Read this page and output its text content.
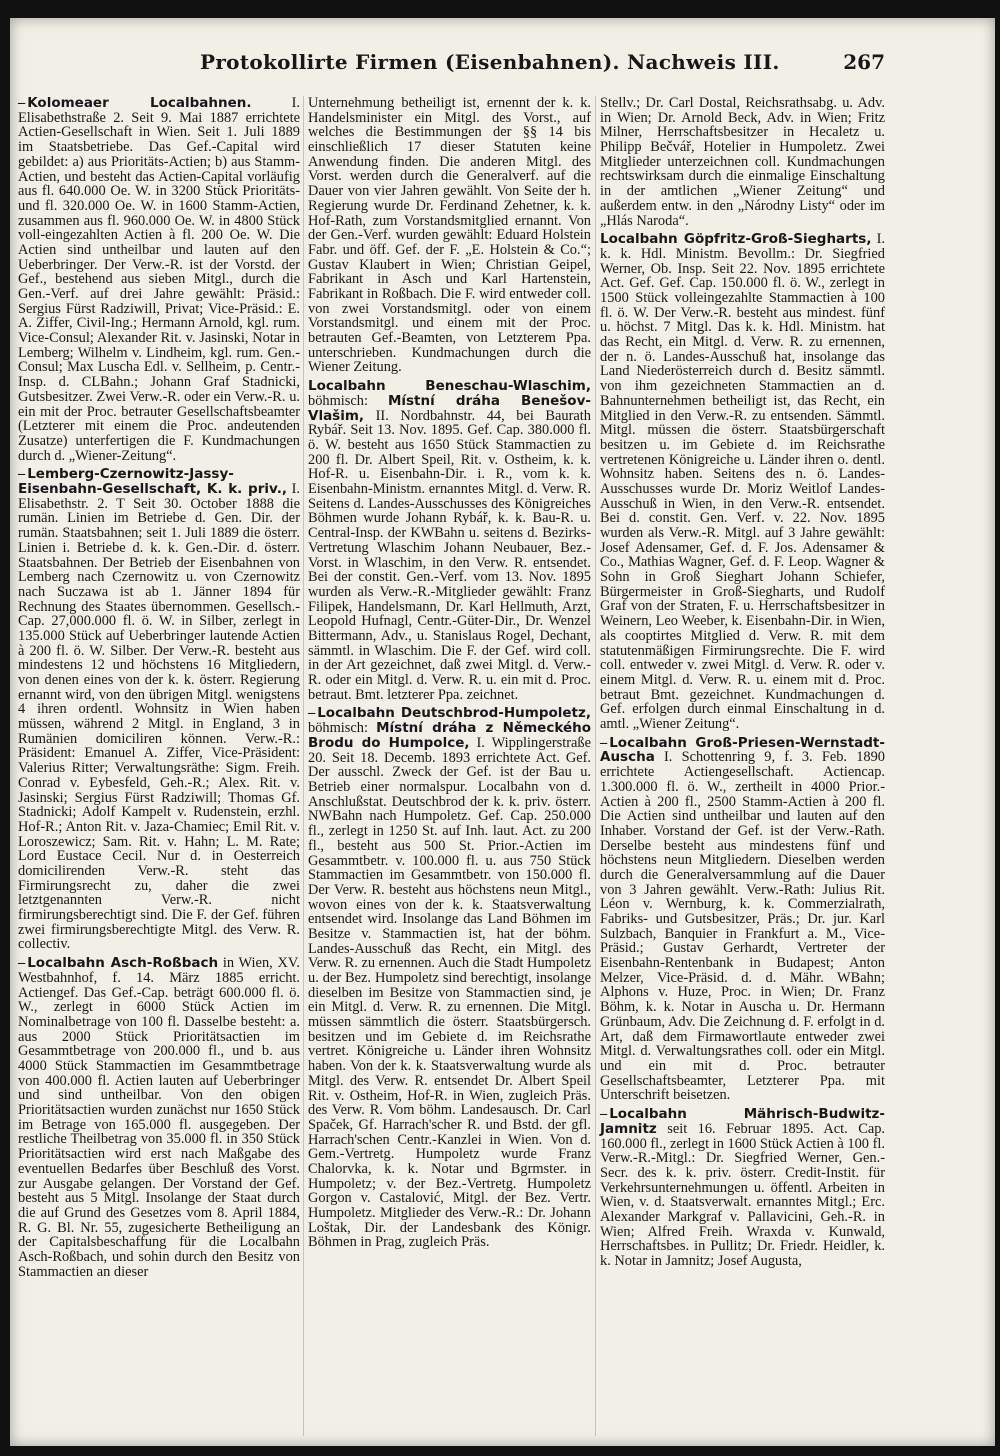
Protokollirte Firmen (Eisenbahnen). Nachweis III.	267

– Kolomeaer Localbahnen.	I. Elisabethstraße 2. Seit 9. Mai 1887 errichtete Actien-Gesellschaft in Wien. Seit 1. Juli 1889 im Staatsbetriebe. Das Gef.-Capital wird gebildet: a) aus Prioritäts-Actien; b) aus Stamm-Actien, und besteht das Actien-Capital vorläufig aus fl. 640.000 Oe. W. in 3200 Stück Prioritäts- und fl. 320.000 Oe. W. in 1600 Stamm-Actien, zusammen aus fl. 960.000 Oe. W. in 4800 Stück voll-eingezahlten Actien à fl. 200 Oe. W. Die Actien sind untheilbar und lauten auf den Ueberbringer. Der Verw.-R. ist der Vorstd. der Gef., bestehend aus sieben Mitgl., durch die Gen.-Verf. auf drei Jahre gewählt: Präsid.: Sergius Fürst Radziwill, Privat; Vice-Präsid.: E. A. Ziffer, Civil-Ing.; Hermann Arnold, kgl. rum. Vice-Consul; Alexander Rit. v. Jasinski, Notar in Lemberg; Wilhelm v. Lindheim, kgl. rum. Gen.-Consul; Max Luscha Edl. v. Sellheim, p. Centr.-Insp. d. CLBahn.; Johann Graf Stadnicki, Gutsbesitzer. Zwei Verw.-R. oder ein Verw.-R. u. ein mit der Proc. betrauter Gesellschaftsbeamter (Letzterer mit einem die Proc. andeutenden Zusatze) unterfertigen die F. Kundmachungen durch d. „Wiener-Zeitung“.

– Lemberg-Czernowitz-Jassy-Eisenbahn-Gesellschaft, K. k. priv., I. Elisabethstr. 2. T Seit 30. October 1888 die rumän. Linien im Betriebe d. Gen. Dir. der rumän. Staatsbahnen; seit 1. Juli 1889 die österr. Linien i. Betriebe d. k. k. Gen.-Dir. d. österr. Staatsbahnen. Der Betrieb der Eisenbahnen von Lemberg nach Czernowitz u. von Czernowitz nach Suczawa ist ab 1. Jänner 1894 für Rechnung des Staates übernommen. Gesellsch.-Cap. 27,000.000 fl. ö. W. in Silber, zerlegt in 135.000 Stück auf Ueberbringer lautende Actien à 200 fl. ö. W. Silber. Der Verw.-R. besteht aus mindestens 12 und höchstens 16 Mitgliedern, von denen eines von der k. k. österr. Regierung ernannt wird, von den übrigen Mitgl. wenigstens 4 ihren ordentl. Wohnsitz in Wien haben müssen, während 2 Mitgl. in England, 3 in Rumänien domiciliren können. Verw.-R.: Präsident: Emanuel A. Ziffer, Vice-Präsident: Valerius Ritter; Verwaltungsräthe: Sigm. Freih. Conrad v. Eybesfeld, Geh.-R.; Alex. Rit. v. Jasinski; Sergius Fürst Radziwill; Thomas Gf. Stadnicki; Adolf Kampelt v. Rudenstein, erzhl. Hof-R.; Anton Rit. v. Jaza-Chamiec; Emil Rit. v. Loroszewicz; Sam. Rit. v. Hahn; L. M. Rate; Lord Eustace Cecil. Nur d. in Oesterreich domicilirenden Verw.-R. steht das Firmirungsrecht zu, daher die zwei letztgenannten Verw.-R. nicht firmirungsberechtigt sind. Die F. der Gef. führen zwei firmirungsberechtigte Mitgl. des Verw. R. collectiv.

– Localbahn Asch-Roßbach in Wien, XV. Westbahnhof, f. 14. März 1885 erricht. Actiengef. Das Gef.-Cap. beträgt 600.000 fl. ö. W., zerlegt in 6000 Stück Actien im Nominalbetrage von 100 fl. Dasselbe besteht: a. aus 2000 Stück Prioritätsactien im Gesammtbetrage von 200.000 fl., und b. aus 4000 Stück Stammactien im Gesammtbetrage von 400.000 fl. Actien lauten auf Ueberbringer und sind untheilbar. Von den obigen Prioritätsactien wurden zunächst nur 1650 Stück im Betrage von 165.000 fl. ausgegeben. Der restliche Theilbetrag von 35.000 fl. in 350 Stück Prioritätsactien wird erst nach Maßgabe des eventuellen Bedarfes über Beschluß des Vorst. zur Ausgabe gelangen. Der Vorstand der Gef. besteht aus 5 Mitgl. Insolange der Staat durch die auf Grund des Gesetzes vom 8. April 1884, R. G. Bl. Nr. 55, zugesicherte Betheiligung an der Capitalsbeschaffung für die Localbahn Asch-Roßbach, und sohin durch den Besitz von Stammactien an dieser

Unternehmung betheiligt ist, ernennt der k. k. Handelsminister ein Mitgl. des Vorst., auf welches die Bestimmungen der §§ 14 bis einschließlich 17 dieser Statuten keine Anwendung finden. Die anderen Mitgl. des Vorst. werden durch die Generalverf. auf die Dauer von vier Jahren gewählt. Von Seite der h. Regierung wurde Dr. Ferdinand Zehetner, k. k. Hof-Rath, zum Vorstandsmitglied ernannt. Von der Gen.-Verf. wurden gewählt: Eduard Holstein Fabr. und öff. Gef. der F. „E. Holstein & Co.“; Gustav Klaubert in Wien; Christian Geipel, Fabrikant in Asch und Karl Hartenstein, Fabrikant in Roßbach. Die F. wird entweder coll. von zwei Vorstandsmitgl. oder von einem Vorstandsmitgl. und einem mit der Proc. betrauten Gef.-Beamten, von Letzterem Ppa. unterschrieben. Kundmachungen durch die Wiener Zeitung.

Localbahn Beneschau-Wlaschim, böhmisch: Místní dráha Benešov-Vlašim, II. Nordbahnstr. 44, bei Baurath Rybář. Seit 13. Nov. 1895. Gef. Cap. 380.000 fl. ö. W. besteht aus 1650 Stück Stammactien zu 200 fl. Dr. Albert Speil, Rit. v. Ostheim, k. k. Hof-R. u. Eisenbahn-Dir. i. R., vom k. k. Eisenbahn-Ministm. ernanntes Mitgl. d. Verw. R. Seitens d. Landes-Ausschusses des Königreiches Böhmen wurde Johann Rybář, k. k. Bau-R. u. Central-Insp. der KWBahn u. seitens d. Bezirks-Vertretung Wlaschim Johann Neubauer, Bez.-Vorst. in Wlaschim, in den Verw. R. entsendet. Bei der constit. Gen.-Verf. vom 13. Nov. 1895 wurden als Verw.-R.-Mitglieder gewählt: Franz Filipek, Handelsmann, Dr. Karl Hellmuth, Arzt, Leopold Hufnagl, Centr.-Güter-Dir., Dr. Wenzel Bittermann, Adv., u. Stanislaus Rogel, Dechant, sämmtl. in Wlaschim. Die F. der Gef. wird coll. in der Art gezeichnet, daß zwei Mitgl. d. Verw.-R. oder ein Mitgl. d. Verw. R. u. ein mit d. Proc. betraut. Bmt. letzterer Ppa. zeichnet.

– Localbahn Deutschbrod-Humpoletz, böhmisch: Místní dráha z Německého Brodu do Humpolce, I. Wipplingerstraße 20. Seit 18. Decemb. 1893 errichtete Act. Gef. Der ausschl. Zweck der Gef. ist der Bau u. Betrieb einer normalspur. Localbahn von d. Anschlußstat. Deutschbrod der k. k. priv. österr. NWBahn nach Humpoletz. Gef. Cap. 250.000 fl., zerlegt in 1250 St. auf Inh. laut. Act. zu 200 fl., besteht aus 500 St. Prior.-Actien im Gesammtbetr. v. 100.000 fl. u. aus 750 Stück Stammactien im Gesammtbetr. von 150.000 fl. Der Verw. R. besteht aus höchstens neun Mitgl., wovon eines von der k. k. Staatsverwaltung entsendet wird. Insolange das Land Böhmen im Besitze v. Stammactien ist, hat der böhm. Landes-Ausschuß das Recht, ein Mitgl. des Verw. R. zu ernennen. Auch die Stadt Humpoletz u. der Bez. Humpoletz sind berechtigt, insolange dieselben im Besitze von Stammactien sind, je ein Mitgl. d. Verw. R. zu ernennen. Die Mitgl. müssen sämmtlich die österr. Staatsbürgersch. besitzen und im Gebiete d. im Reichsrathe vertret. Königreiche u. Länder ihren Wohnsitz haben. Von der k. k. Staatsverwaltung wurde als Mitgl. des Verw. R. entsendet Dr. Albert Speil Rit. v. Ostheim, Hof-R. in Wien, zugleich Präs. des Verw. R. Vom böhm. Landesausch. Dr. Carl Spaček, Gf. Harrach'scher R. und Bstd. der gfl. Harrach'schen Centr.-Kanzlei in Wien. Von d. Gem.-Vertretg. Humpoletz wurde Franz Chalorvka, k. k. Notar und Bgrmster. in Humpoletz; v. der Bez.-Vertretg. Humpoletz Gorgon v. Castalović, Mitgl. der Bez. Vertr. Humpoletz. Mitglieder des Verw.-R.: Dr. Johann Loštak, Dir. der Landesbank des Königr. Böhmen in Prag, zugleich Präs.

Stellv.; Dr. Carl Dostal, Reichsrathsabg. u. Adv. in Wien; Dr. Arnold Beck, Adv. in Wien; Fritz Milner, Herrschaftsbesitzer in Hecaletz u. Philipp Bečvář, Hotelier in Humpoletz. Zwei Mitglieder unterzeichnen coll. Kundmachungen rechtswirksam durch die einmalige Einschaltung in der amtlichen „Wiener Zeitung“ und außerdem entw. in den „Národny Listy“ oder im „Hlás Naroda“.

Localbahn Göpfritz-Groß-Siegharts, I. k. k. Hdl. Ministm. Bevollm.: Dr. Siegfried Werner, Ob. Insp. Seit 22. Nov. 1895 errichtete Act. Gef. Gef. Cap. 150.000 fl. ö. W., zerlegt in 1500 Stück volleingezahlte Stammactien à 100 fl. ö. W. Der Verw.-R. besteht aus mindest. fünf u. höchst. 7 Mitgl. Das k. k. Hdl. Ministm. hat das Recht, ein Mitgl. d. Verw. R. zu ernennen, der n. ö. Landes-Ausschuß hat, insolange das Land Niederösterreich durch d. Besitz sämmtl. von ihm gezeichneten Stammactien an d. Bahnunternehmen betheiligt ist, das Recht, ein Mitglied in den Verw.-R. zu entsenden. Sämmtl. Mitgl. müssen die österr. Staatsbürgerschaft besitzen u. im Gebiete d. im Reichsrathe vertretenen Königreiche u. Länder ihren o. dentl. Wohnsitz haben. Seitens des n. ö. Landes-Ausschusses wurde Dr. Moriz Weitlof Landes-Ausschuß in Wien, in den Verw.-R. entsendet. Bei d. constit. Gen. Verf. v. 22. Nov. 1895 wurden als Verw.-R. Mitgl. auf 3 Jahre gewählt: Josef Adensamer, Gef. d. F. Jos. Adensamer & Co., Mathias Wagner, Gef. d. F. Leop. Wagner & Sohn in Groß Sieghart Johann Schiefer, Bürgermeister in Groß-Siegharts, und Rudolf Graf von der Straten, F. u. Herrschaftsbesitzer in Weinern, Leo Weeber, k. Eisenbahn-Dir. in Wien, als cooptirtes Mitglied d. Verw. R. mit dem statutenmäßigen Firmirungsrechte. Die F. wird coll. entweder v. zwei Mitgl. d. Verw. R. oder v. einem Mitgl. d. Verw. R. u. einem mit d. Proc. betraut Bmt. gezeichnet. Kundmachungen d. Gef. erfolgen durch einmal Einschaltung in d. amtl. „Wiener Zeitung“.

– Localbahn Groß-Priesen-Wernstadt-Auscha I. Schottenring 9, f. 3. Feb. 1890 errichtete Actiengesellschaft. Actiencap. 1.300.000 fl. ö. W., zertheilt in 4000 Prior.-Actien à 200 fl., 2500 Stamm-Actien à 200 fl. Die Actien sind untheilbar und lauten auf den Inhaber. Vorstand der Gef. ist der Verw.-Rath. Derselbe besteht aus mindestens fünf und höchstens neun Mitgliedern. Dieselben werden durch die Generalversammlung auf die Dauer von 3 Jahren gewählt. Verw.-Rath: Julius Rit. Léon v. Wernburg, k. k. Commerzialrath, Fabriks- und Gutsbesitzer, Präs.; Dr. jur. Karl Sulzbach, Banquier in Frankfurt a. M., Vice-Präsid.; Gustav Gerhardt, Vertreter der Eisenbahn-Rentenbank in Budapest; Anton Melzer, Vice-Präsid. d. d. Mähr. WBahn; Alphons v. Huze, Proc. in Wien; Dr. Franz Böhm, k. k. Notar in Auscha u. Dr. Hermann Grünbaum, Adv. Die Zeichnung d. F. erfolgt in d. Art, daß dem Firmawortlaute entweder zwei Mitgl. d. Verwaltungsrathes coll. oder ein Mitgl. und ein mit d. Proc. betrauter Gesellschaftsbeamter, Letzterer Ppa. mit Unterschrift beisetzen.

– Localbahn Mährisch-Budwitz-Jamnitz seit 16. Februar 1895. Act. Cap. 160.000 fl., zerlegt in 1600 Stück Actien à 100 fl. Verw.-R.-Mitgl.: Dr. Siegfried Werner, Gen.-Secr. des k. k. priv. österr. Credit-Instit. für Verkehrsunternehmungen u. öffentl. Arbeiten in Wien, v. d. Staatsverwalt. ernanntes Mitgl.; Erc. Alexander Markgraf v. Pallavicini, Geh.-R. in Wien; Alfred Freih. Wraxda v. Kunwald, Herrschaftsbes. in Pullitz; Dr. Friedr. Heidler, k. k. Notar in Jamnitz; Josef Augusta,
